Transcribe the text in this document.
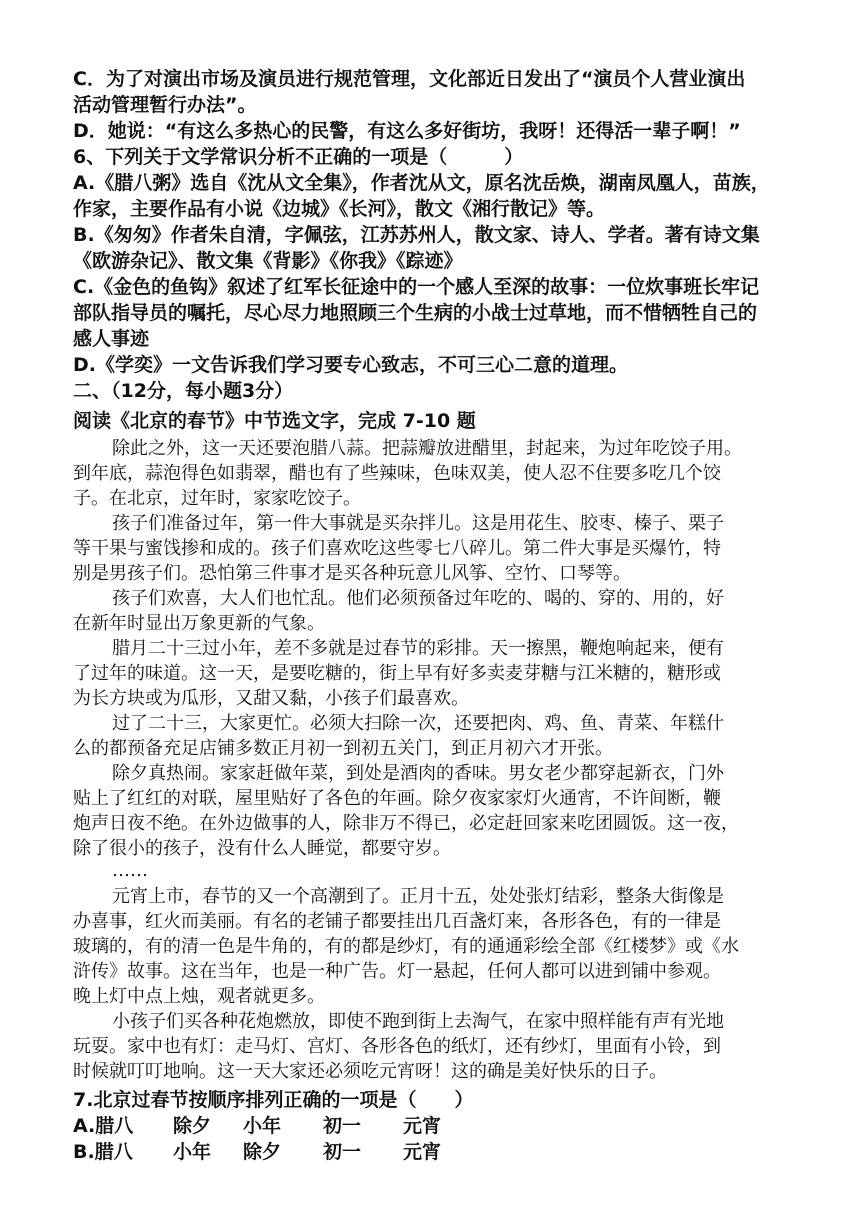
C．为了对演出市场及演员进行规范管理，文化部近日发出了“演员个人营业演出
活动管理暂行办法”。
D．她说：“有这么多热心的民警，有这么多好街坊，我呀！还得活一辈子啊！”
6、下列关于文学常识分析不正确的一项是（　　　）
A.《腊八粥》选自《沈从文全集》，作者沈从文，原名沈岳焕，湖南凤凰人，苗族，
作家，主要作品有小说《边城》《长河》，散文《湘行散记》等。
B.《匆匆》作者朱自清，字佩弦，江苏苏州人，散文家、诗人、学者。著有诗文集
《欧游杂记》、散文集《背影》《你我》《踪迹》
C.《金色的鱼钩》叙述了红军长征途中的一个感人至深的故事：一位炊事班长牢记
部队指导员的嘱托，尽心尽力地照顾三个生病的小战士过草地，而不惜牺牲自己的
感人事迹
D.《学奕》一文告诉我们学习要专心致志，不可三心二意的道理。
二、（12分，每小题3分）
阅读《北京的春节》中节选文字，完成 7-10 题
除此之外，这一天还要泡腊八蒜。把蒜瓣放进醋里，封起来，为过年吃饺子用。
到年底，蒜泡得色如翡翠，醋也有了些辣味，色味双美，使人忍不住要多吃几个饺
子。在北京，过年时，家家吃饺子。
孩子们准备过年，第一件大事就是买杂拌儿。这是用花生、胶枣、榛子、栗子
等干果与蜜饯掺和成的。孩子们喜欢吃这些零七八碎儿。第二件大事是买爆竹，特
别是男孩子们。恐怕第三件事才是买各种玩意儿风筝、空竹、口琴等。
孩子们欢喜，大人们也忙乱。他们必须预备过年吃的、喝的、穿的、用的，好
在新年时显出万象更新的气象。
腊月二十三过小年，差不多就是过春节的彩排。天一擦黑，鞭炮响起来，便有
了过年的味道。这一天，是要吃糖的，街上早有好多卖麦芽糖与江米糖的，糖形或
为长方块或为瓜形，又甜又黏，小孩子们最喜欢。
过了二十三，大家更忙。必须大扫除一次，还要把肉、鸡、鱼、青菜、年糕什
么的都预备充足店铺多数正月初一到初五关门，到正月初六才开张。
除夕真热闹。家家赶做年菜，到处是酒肉的香味。男女老少都穿起新衣，门外
贴上了红红的对联，屋里贴好了各色的年画。除夕夜家家灯火通宵，不许间断，鞭
炮声日夜不绝。在外边做事的人，除非万不得已，必定赶回家来吃团圆饭。这一夜，
除了很小的孩子，没有什么人睡觉，都要守岁。
……
元宵上市，春节的又一个高潮到了。正月十五，处处张灯结彩，整条大街像是
办喜事，红火而美丽。有名的老铺子都要挂出几百盏灯来，各形各色，有的一律是
玻璃的，有的清一色是牛角的，有的都是纱灯，有的通通彩绘全部《红楼梦》或《水
浒传》故事。这在当年，也是一种广告。灯一悬起，任何人都可以进到铺中参观。
晚上灯中点上烛，观者就更多。
小孩子们买各种花炮燃放，即使不跑到街上去淘气，在家中照样能有声有光地
玩耍。家中也有灯：走马灯、宫灯、各形各色的纸灯，还有纱灯，里面有小铃，到
时候就叮叮地响。这一天大家还必须吃元宵呀！这的确是美好快乐的日子。
7.北京过春节按顺序排列正确的一项是（　　）
A.腊八 除夕 小年 初一 元宵
B.腊八 小年 除夕 初一 元宵
